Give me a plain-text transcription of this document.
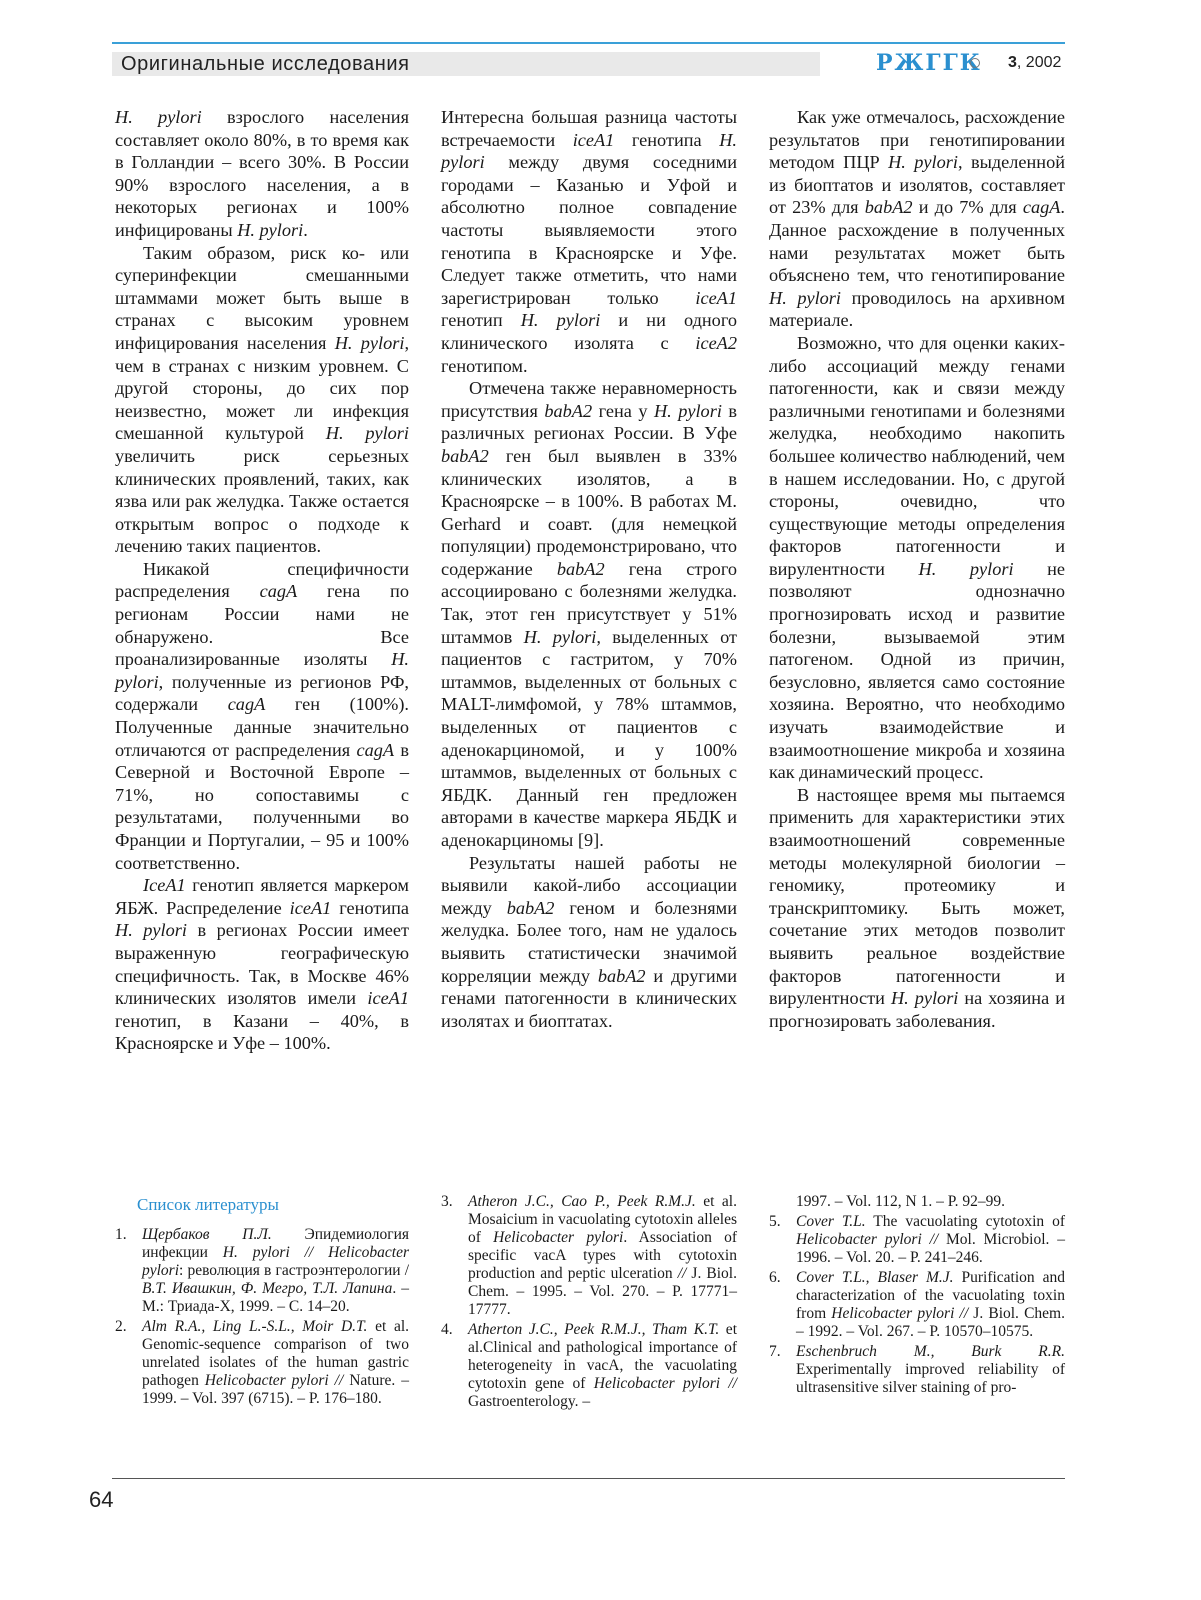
Оригинальные исследования	РЖГГК 3, 2002

H. pylori взрослого населения составляет около 80%, в то время как в Голландии – всего 30%. В России 90% взрослого населения, а в некоторых регионах и 100% инфицированы H. pylori.

Таким образом, риск ко- или суперинфекции смешанными штаммами может быть выше в странах с высоким уровнем инфицирования населения H. pylori, чем в странах с низким уровнем. С другой стороны, до сих пор неизвестно, может ли инфекция смешанной культурой H. pylori увеличить риск серьезных клинических проявлений, таких, как язва или рак желудка. Также остается открытым вопрос о подходе к лечению таких пациентов.

Никакой специфичности распределения cagA гена по регионам России нами не обнаружено. Все проанализированные изоляты H. pylori, полученные из регионов РФ, содержали cagA ген (100%). Полученные данные значительно отличаются от распределения cagA в Северной и Восточной Европе – 71%, но сопоставимы с результатами, полученными во Франции и Португалии, – 95 и 100% соответственно.

IceA1 генотип является маркером ЯБЖ. Распределение iceA1 генотипа H. pylori в регионах России имеет выраженную географическую специфичность. Так, в Москве 46% клинических изолятов имели iceA1 генотип, в Казани – 40%, в Красноярске и Уфе – 100%.

Интересна большая разница частоты встречаемости iceA1 генотипа H. pylori между двумя соседними городами – Казанью и Уфой и абсолютно полное совпадение частоты выявляемости этого генотипа в Красноярске и Уфе. Следует также отметить, что нами зарегистрирован только iceA1 генотип H. pylori и ни одного клинического изолята с iceA2 генотипом.

Отмечена также неравномерность присутствия babA2 гена у H. pylori в различных регионах России. В Уфе babA2 ген был выявлен в 33% клинических изолятов, а в Красноярске – в 100%. В работах M. Gerhard и соавт. (для немецкой популяции) продемонстрировано, что содержание babA2 гена строго ассоциировано с болезнями желудка. Так, этот ген присутствует у 51% штаммов H. pylori, выделенных от пациентов с гастритом, у 70% штаммов, выделенных от больных с MALT-лимфомой, у 78% штаммов, выделенных от пациентов с аденокарциномой, и у 100% штаммов, выделенных от больных с ЯБДК. Данный ген предложен авторами в качестве маркера ЯБДК и аденокарциномы [9].

Результаты нашей работы не выявили какой-либо ассоциации между babA2 геном и болезнями желудка. Более того, нам не удалось выявить статистически значимой корреляции между babA2 и другими генами патогенности в клинических изолятах и биоптатах.

Как уже отмечалось, расхождение результатов при генотипировании методом ПЦР H. pylori, выделенной из биоптатов и изолятов, составляет от 23% для babA2 и до 7% для cagA. Данное расхождение в полученных нами результатах может быть объяснено тем, что генотипирование H. pylori проводилось на архивном материале.

Возможно, что для оценки каких-либо ассоциаций между генами патогенности, как и связи между различными генотипами и болезнями желудка, необходимо накопить большее количество наблюдений, чем в нашем исследовании. Но, с другой стороны, очевидно, что существующие методы определения факторов патогенности и вирулентности H. pylori не позволяют однозначно прогнозировать исход и развитие болезни, вызываемой этим патогеном. Одной из причин, безусловно, является само состояние хозяина. Вероятно, что необходимо изучать взаимодействие и взаимоотношение микроба и хозяина как динамический процесс.

В настоящее время мы пытаемся применить для характеристики этих взаимоотношений современные методы молекулярной биологии – геномику, протеомику и транскриптомику. Быть может, сочетание этих методов позволит выявить реальное воздействие факторов патогенности и вирулентности H. pylori на хозяина и прогнозировать заболевания.

Список литературы
1. Щербаков П.Л. Эпидемиология инфекции H. pylori // Helicobacter pylori: революция в гастроэнтерологии / В.Т. Ивашкин, Ф. Мегро, Т.Л. Лапина. – М.: Триада-Х, 1999. – С. 14–20.
2. Alm R.A., Ling L.-S.L., Moir D.T. et al. Genomic-sequence comparison of two unrelated isolates of the human gastric pathogen Helicobacter pylori // Nature. – 1999. – Vol. 397 (6715). – P. 176–180.
3. Atheron J.C., Cao P., Peek R.M.J. et al. Mosaicium in vacuolating cytotoxin alleles of Helicobacter pylori. Association of specific vacA types with cytotoxin production and peptic ulceration // J. Biol. Chem. – 1995. – Vol. 270. – P. 17771–17777.
4. Atherton J.C., Peek R.M.J., Tham K.T. et al.Clinical and pathological importance of heterogeneity in vacA, the vacuolating cytotoxin gene of Helicobacter pylori // Gastroenterology. –
1997. – Vol. 112, N 1. – P. 92–99.
5. Cover T.L. The vacuolating cytotoxin of Helicobacter pylori // Mol. Microbiol. – 1996. – Vol. 20. – P. 241–246.
6. Cover T.L., Blaser M.J. Purification and characterization of the vacuolating toxin from Helicobacter pylori // J. Biol. Chem. – 1992. – Vol. 267. – P. 10570–10575.
7. Eschenbruch M., Burk R.R. Experimentally improved reliability of ultrasensitive silver staining of pro-
64
